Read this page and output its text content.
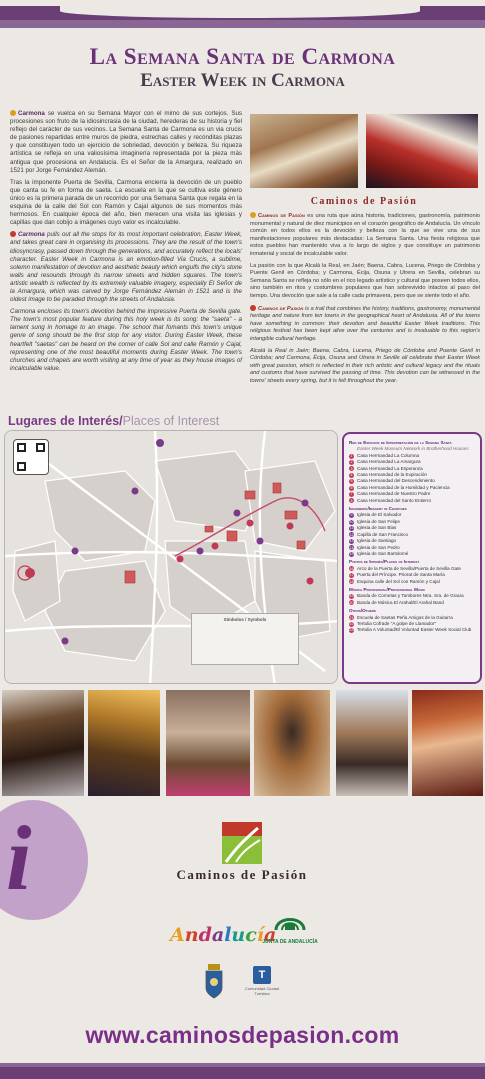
La Semana Santa de Carmona
Easter Week in Carmona

Carmona se vuelca en su Semana Mayor con el mimo de sus cortejos. Sus procesiones son fruto de la idiosincrasia de la ciudad, herederas de su historia y fiel reflejo del carácter de sus vecinos. La Semana Santa de Carmona es un via crucis de pasiones repartidas entre muros de piedra, estrechas calles y recónditas plazas y que constituyen todo un ejercicio de sobriedad, devoción y belleza. Su riqueza artística se refleja en una valiosísima imaginería representada por la pieza más antigua que procesiona en Andalucía. Es el Señor de la Amargura, realizado en 1521 por Jorge Fernández Alemán.

Tras la imponente Puerta de Sevilla, Carmona encierra la devoción de un pueblo que canta su fe en forma de saeta. La escuela en la que se cultiva este género único es la primera parada de un recorrido por una Semana Santa que regala en la esquina de la calle del Sol con Ramón y Cajal algunos de sus momentos más hermosos. En cualquier época del año, bien merecen una visita las iglesias y capillas que dan cobijo a imágenes cuyo valor es incalculable.

Carmona pulls out all the stops for its most important celebration, Easter Week, and takes great care in organising its processions. They are the result of the town's idiosyncrasy, passed down through the generations, and accurately reflect the locals' character. Easter Week in Carmona is an emotion-filled Via Crucis, a sublime, solemn manifestation of devotion and aesthetic beauty which engulfs the city's stone walls and resounds through its narrow streets and hidden squares. The town's artistic wealth is reflected by its extremely valuable imagery, especially El Señor de la Amargura, which was carved by Jorge Fernández Alemán in 1521 and is the oldest image to be paraded through the streets of Andalusia.

Carmona encloses its town's devotion behind the impressive Puerta de Sevilla gate. The town's most popular feature during this holy week is its song: the "saeta" - a lament sung in homage to an image. The school that fomants this town's unique genre of song should be the first stop for any visitor. During Easter Week, these heartfelt "saetas" can be heard on the corner of calle Sol and calle Ramón y Cajal, representing one of the most beautiful moments during Easter Week. The town's churches and chapels are worth visiting at any time of year as they house images of incalculable value.

Caminos de Pasión

Caminos de Pasión es una ruta que aúna historia, tradiciones, gastronomía, patrimonio monumental y natural de diez municipios en el corazón geográfico de Andalucía. Un vínculo común en todos ellos es la devoción y belleza con la que se vive una de sus manifestaciones populares más destacadas: La Semana Santa. Una fiesta religiosa que estos pueblos han mantenido viva a lo largo de siglos y que constituye un patrimonio inmaterial y social de incalculable valor.

La pasión con la que Alcalá la Real, en Jaén; Baena, Cabra, Lucena, Priego de Córdoba y Puente Genil en Córdoba; y Carmona, Écija, Osuna y Utrera en Sevilla, celebran su Semana Santa se refleja no sólo en el rico legado artístico y cultural que poseen todos ellos, sino también en ritos y costumbres populares que han sobrevivido intactos al paso del tiempo. Una devoción que sale a la calle cada primavera, pero que se siente todo el año.

Caminos de Pasión is a trail that combines the history, traditions, gastronomy, monumental heritage and nature from ten towns in the geographical heart of Andalusia. All of the towns have something in common: their devotion and beautiful Easter Week traditions. This religious festival has been kept alive over the centuries and is invaluable to this region's intangible cultural heritage.

Alcalá la Real in Jaén; Baena, Cabra, Lucena, Priego de Córdoba and Puente Genil in Córdoba; and Carmona, Écija, Osuna and Utrera in Seville all celebrate their Easter Week with great passion, which is reflected in their rich artistic and cultural legacy and the rituals and customs that have survived the passing of time. This devotion can be witnessed in the towns' streets every spring, but it is felt throughout the year.

Lugares de Interés/Places of Interest
Símbolos / Symbols
Red de Espacios de Interpretación de la Semana Santa
Easter Week Museum Network in Brotherhood Houses
1 Casa Hermandad La Columna
2 Casa Hermandad La Amargura
3 Casa Hermandad La Esperanza
4 Casa Hermandad de la Expiración
5 Casa Hermandad del Descendimiento
6 Casa Hermandad de la Humildad y Paciencia
7 Casa Hermandad de Nuestro Padre
8 Casa Hermandad del Santo Entierro
Imaginería/Imagery in Churches
9 Iglesia de El Salvador
10 Iglesia de San Felipe
11 Iglesia de San Blas
12 Capilla de San Francisco
13 Iglesia de Santiago
14 Iglesia de San Pedro
15 Iglesia de San Bartolomé
Puntos de Interés/Places of Interest
16 Arco de la Puerta de Sevilla/Puerta de Sevilla Gate
17 Puerta del Príncipe. Priorat de Santa María
18 Esquina calle del Sol con Ramón y Cajal
Música Procesional/Processional Music
19 Banda de Cornetas y Tambores Ntra. Sra. de Gracia
20 Banda de Música El Arahal/El Arahal Band
Otros/Others
21 Escuela de Saetas Peña Amigos de la Guitarra
22 Tertulia Cofrade "A golpe de Llamador"
23 Tertulia A Voluntad/El Voluntad Easter Week Social Club
i	Caminos de Pasión
Andalucía
JUNTA DE ANDALUCÍA
T
Comunidad Ciudad Turística
www.caminosdepasion.com
